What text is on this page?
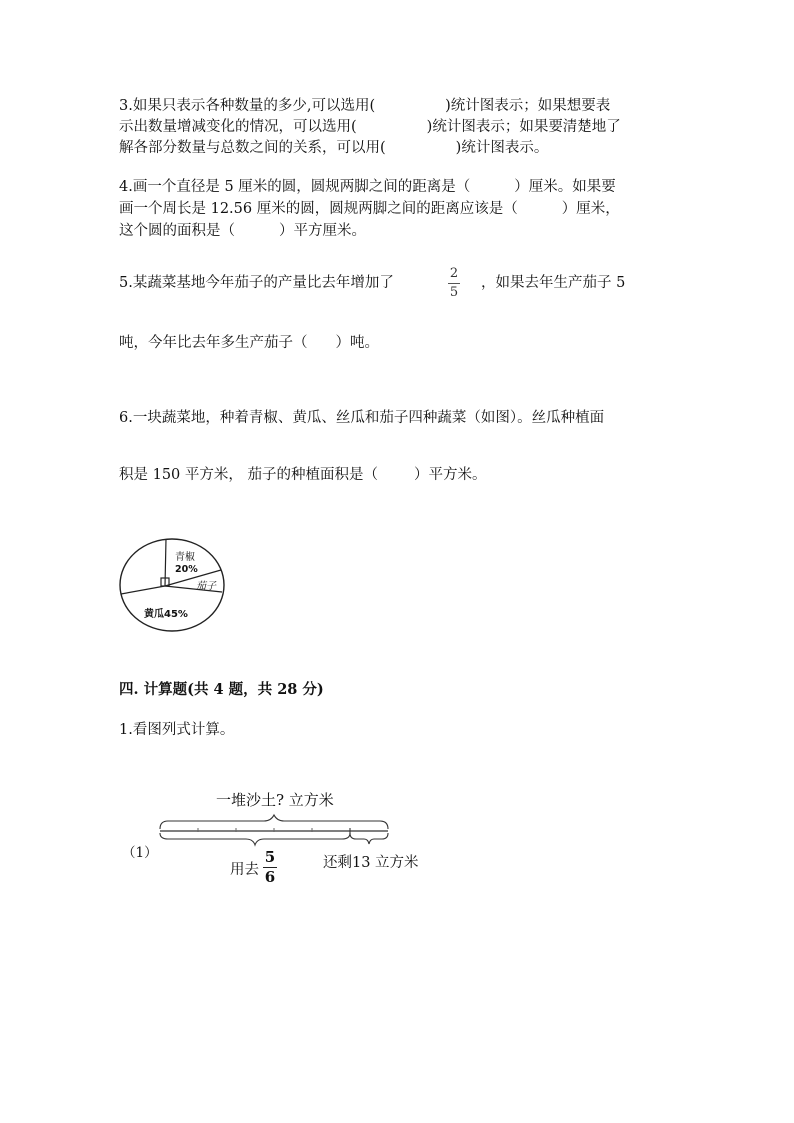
3.如果只表示各种数量的多少,可以选用(	)统计图表示；如果想要表
示出数量增减变化的情况，可以选用(	)统计图表示；如果要清楚地了
解各部分数量与总数之间的关系，可以用(	)统计图表示。
4.画一个直径是 5 厘米的圆，圆规两脚之间的距离是（	）厘米。如果要
画一个周长是 12.56 厘米的圆，圆规两脚之间的距离应该是（	）厘米，
这个圆的面积是（	）平方厘米。
5.某蔬菜基地今年茄子的产量比去年增加了
2
5
，如果去年生产茄子 5
吨，今年比去年多生产茄子（ ）吨。
6.一块蔬菜地，种着青椒、黄瓜、丝瓜和茄子四种蔬菜（如图）。丝瓜种植面
积是 150 平方米， 茄子的种植面积是（ ）平方米。
青椒
20%
茄子
黄瓜45%
四. 计算题(共 4 题，共 28 分)
1.看图列式计算。
（1）
一堆沙土? 立方米
用去
5
6
还剩13 立方米
